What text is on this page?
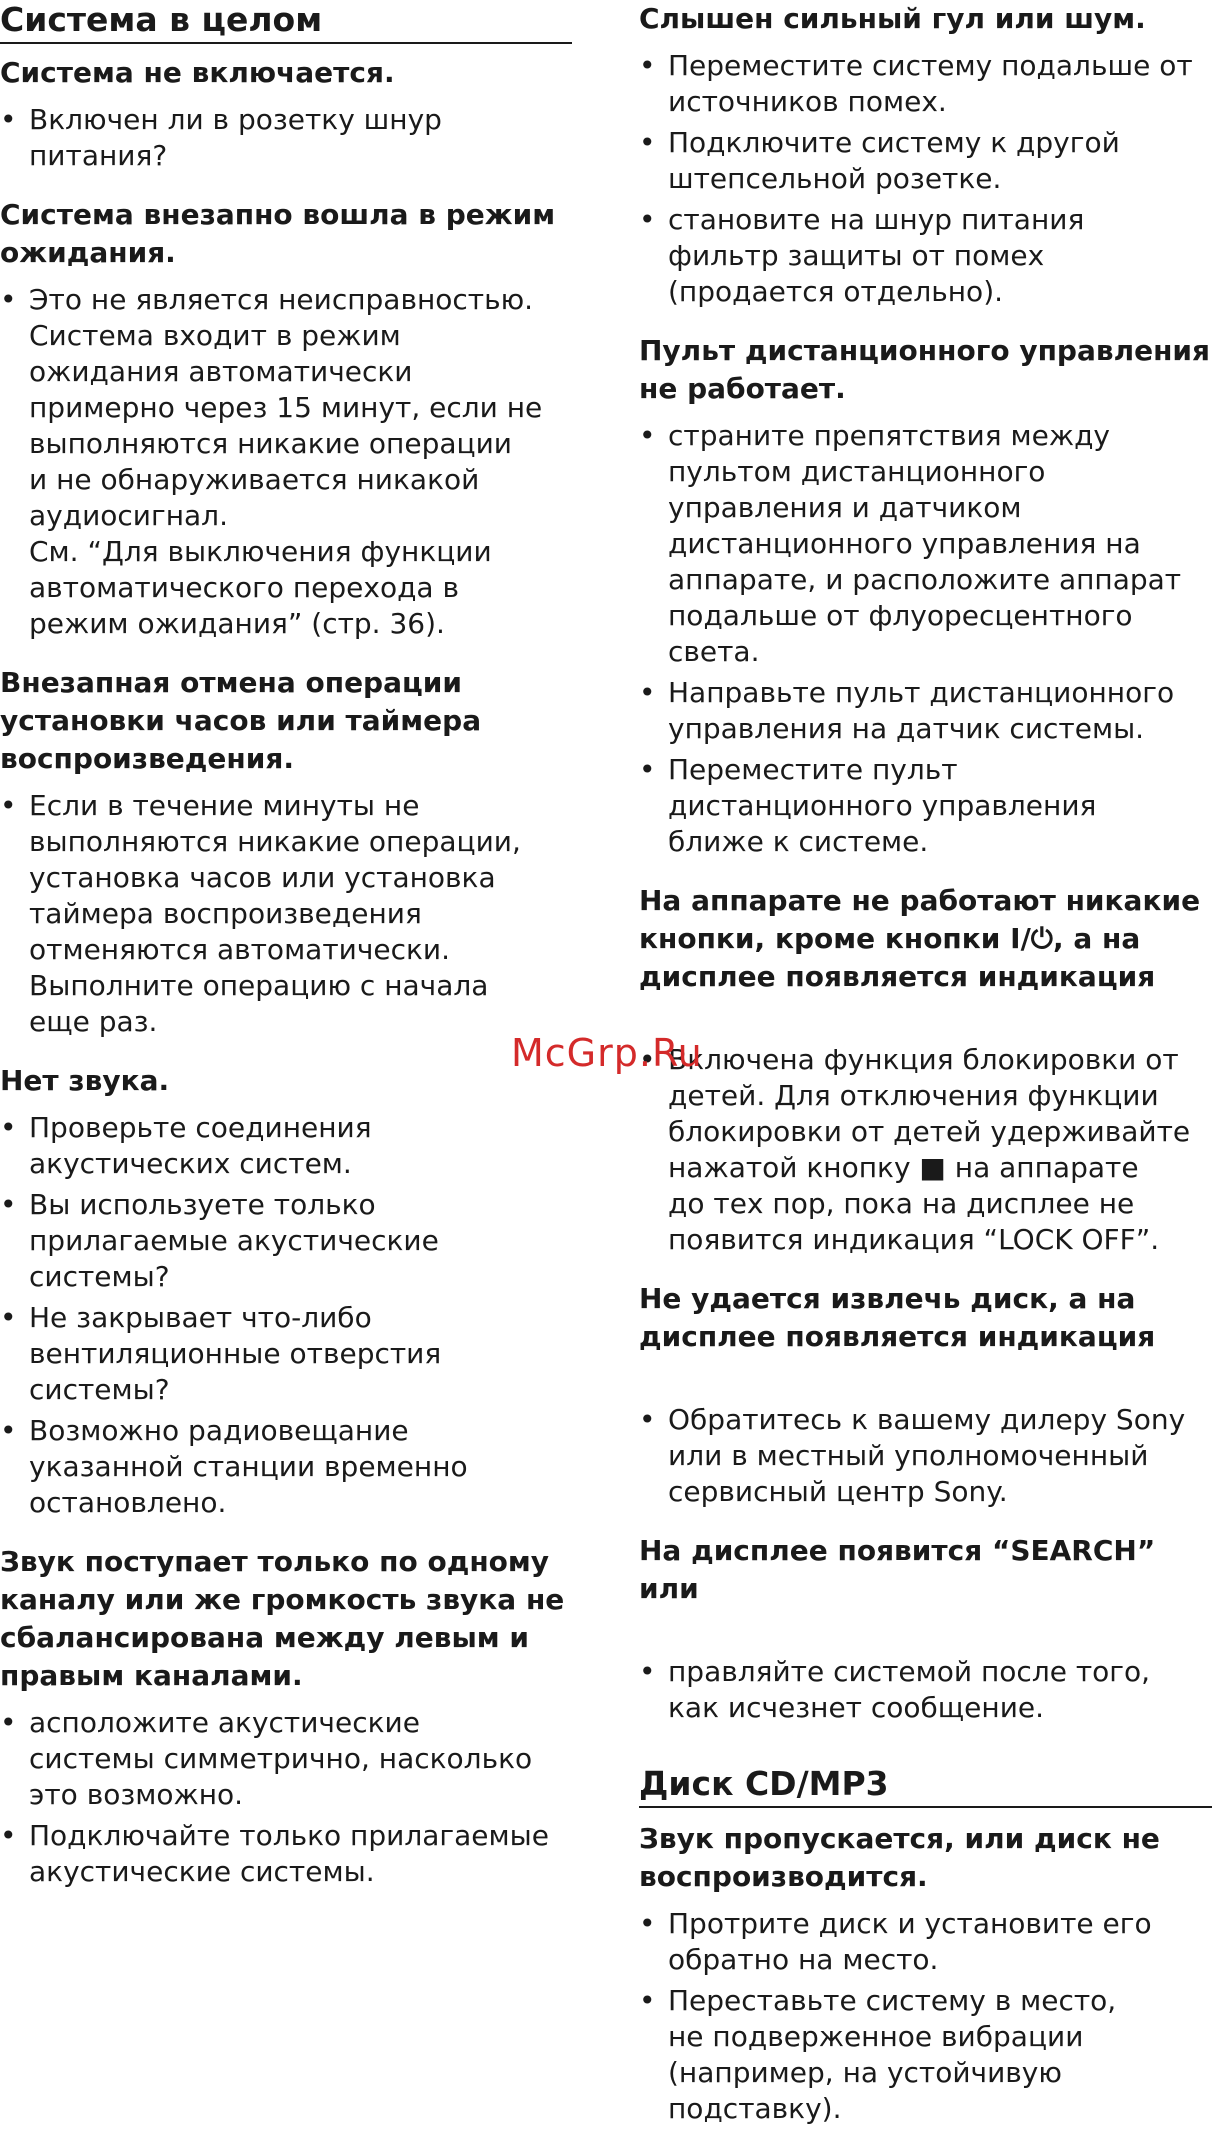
Система в целом
Система не включается.
• Включен ли в розетку шнур
питания?
Система внезапно вошла в режим
ожидания.
• Это не является неисправностью.
Система входит в режим
ожидания автоматически
примерно через 15 минут, если не
выполняются никакие операции
и не обнаруживается никакой
аудиосигнал.
См. “Для выключения функции
автоматического перехода в
режим ожидания” (стр. 36).
Внезапная отмена операции
установки часов или таймера
воспроизведения.
• Если в течение минуты не
выполняются никакие операции,
установка часов или установка
таймера воспроизведения
отменяются автоматически.
Выполните операцию с начала
еще раз.
Нет звука.
• Проверьте соединения
акустических систем.
• Вы используете только
прилагаемые акустические
системы?
• Не закрывает что-либо
вентиляционные отверстия
системы?
• Возможно радиовещание
указанной станции временно
остановлено.
Звук поступает только по одному
каналу или же громкость звука не
сбалансирована между левым и
правым каналами.
• асположите акустические
системы симметрично, насколько
это возможно.
• Подключайте только прилагаемые
акустические системы.
Слышен сильный гул или шум.
• Переместите систему подальше от
источников помех.
• Подключите систему к другой
штепсельной розетке.
• становите на шнур питания
фильтр защиты от помех
(продается отдельно).
Пульт дистанционного управления
не работает.
• страните препятствия между
пультом дистанционного
управления и датчиком
дистанционного управления на
аппарате, и расположите аппарат
подальше от флуоресцентного
света.
• Направьте пульт дистанционного
управления на датчик системы.
• Переместите пульт
дистанционного управления
ближе к системе.
На аппарате не работают никакие
кнопки, кроме кнопки I/⏻, а на
дисплее появляется индикация
• Включена функция блокировки от
детей. Для отключения функции
блокировки от детей удерживайте
нажатой кнопку ■ на аппарате
до тех пор, пока на дисплее не
появится индикация “LOCK OFF”.
Не удается извлечь диск, а на
дисплее появляется индикация
• Обратитесь к вашему дилеру Sony
или в местный уполномоченный
сервисный центр Sony.
На дисплее появится “SEARCH” или
• правляйте системой после того,
как исчезнет сообщение.
Диск CD/MP3
Звук пропускается, или диск не
воспроизводится.
• Протрите диск и установите его
обратно на место.
• Переставьте систему в место,
не подверженное вибрации
(например, на устойчивую
подставку).
McGrp.Ru
